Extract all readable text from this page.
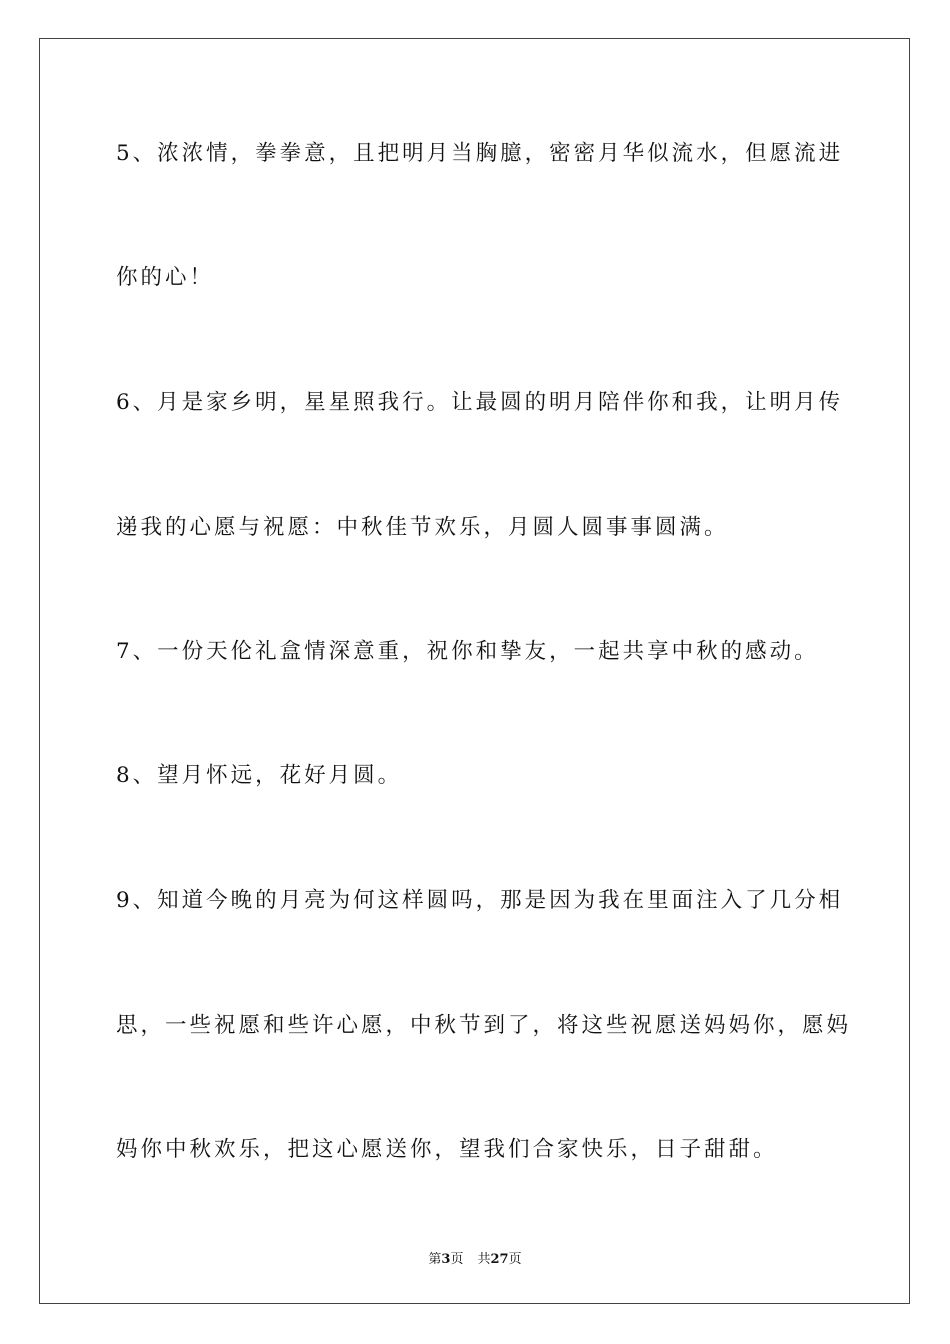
5、浓浓情，拳拳意，且把明月当胸臆，密密月华似流水，但愿流进

你的心！

6、月是家乡明，星星照我行。让最圆的明月陪伴你和我，让明月传

递我的心愿与祝愿：中秋佳节欢乐，月圆人圆事事圆满。

7、一份天伦礼盒情深意重，祝你和挚友，一起共享中秋的感动。

8、望月怀远，花好月圆。

9、知道今晚的月亮为何这样圆吗，那是因为我在里面注入了几分相

思，一些祝愿和些许心愿，中秋节到了，将这些祝愿送妈妈你，愿妈

妈你中秋欢乐，把这心愿送你，望我们合家快乐，日子甜甜。

第3页 共27页
